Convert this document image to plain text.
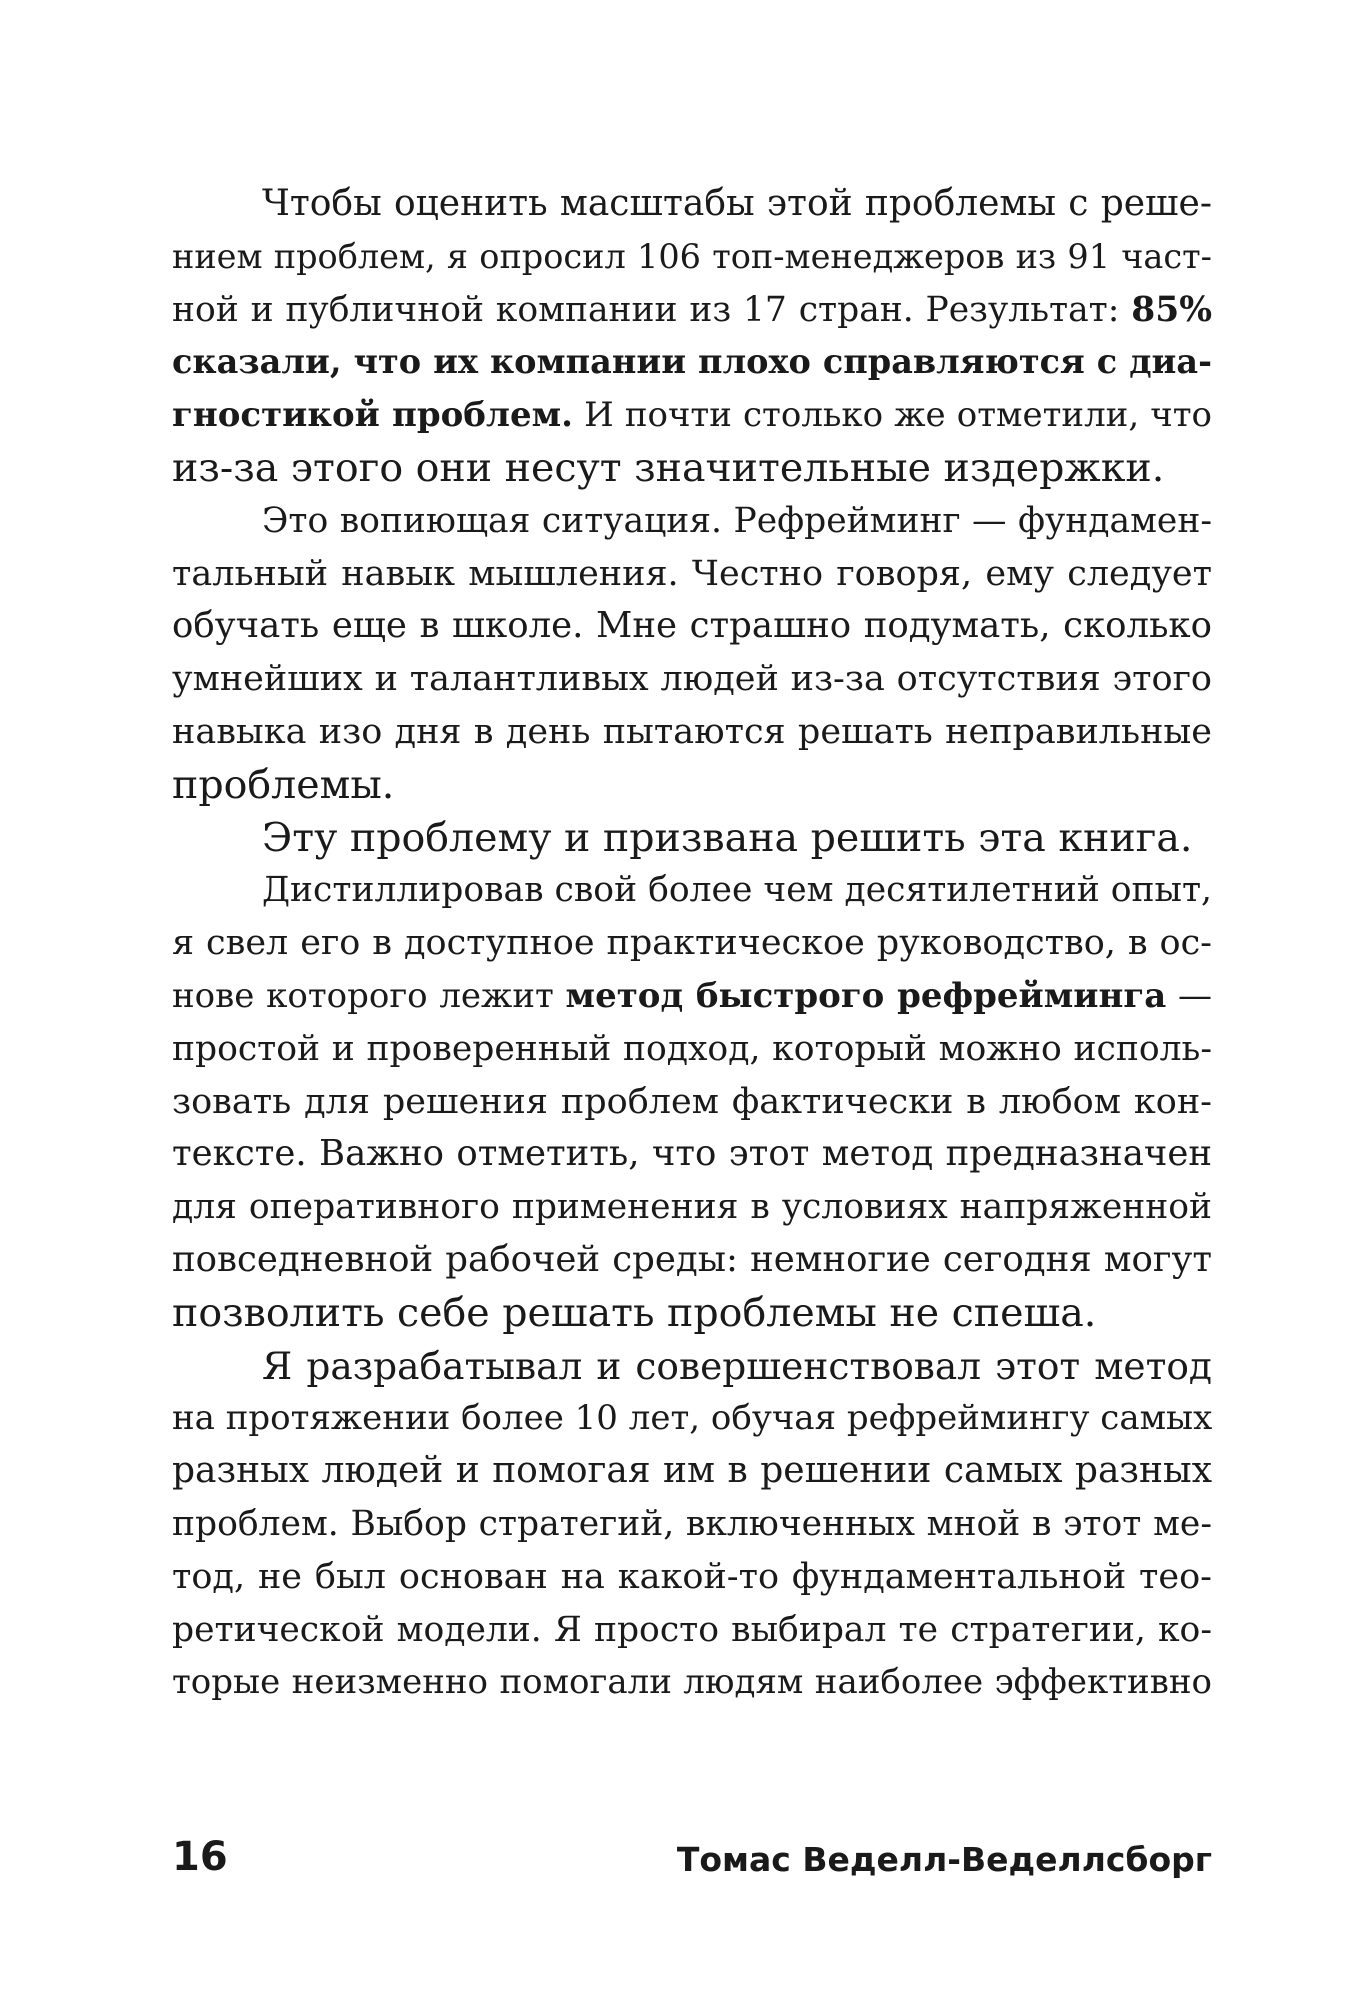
Чтобы оценить масштабы этой проблемы с реше-
нием проблем, я опросил 106 топ-менеджеров из 91 част-
ной и публичной компании из 17 стран. Результат: 85%
сказали, что их компании плохо справляются с диа-
гностикой проблем. И почти столько же отметили, что
из-за этого они несут значительные издержки.
Это вопиющая ситуация. Рефрейминг — фундамен-
тальный навык мышления. Честно говоря, ему следует
обучать еще в школе. Мне страшно подумать, сколько
умнейших и талантливых людей из-за отсутствия этого
навыка изо дня в день пытаются решать неправильные
проблемы.
Эту проблему и призвана решить эта книга.
Дистиллировав свой более чем десятилетний опыт,
я свел его в доступное практическое руководство, в ос-
нове которого лежит метод быстрого рефрейминга —
простой и проверенный подход, который можно исполь-
зовать для решения проблем фактически в любом кон-
тексте. Важно отметить, что этот метод предназначен
для оперативного применения в условиях напряженной
повседневной рабочей среды: немногие сегодня могут
позволить себе решать проблемы не спеша.
Я разрабатывал и совершенствовал этот метод
на протяжении более 10 лет, обучая рефреймингу самых
разных людей и помогая им в решении самых разных
проблем. Выбор стратегий, включенных мной в этот ме-
тод, не был основан на какой-то фундаментальной тео-
ретической модели. Я просто выбирал те стратегии, ко-
торые неизменно помогали людям наиболее эффективно
16	Томас Веделл-Веделлсборг
